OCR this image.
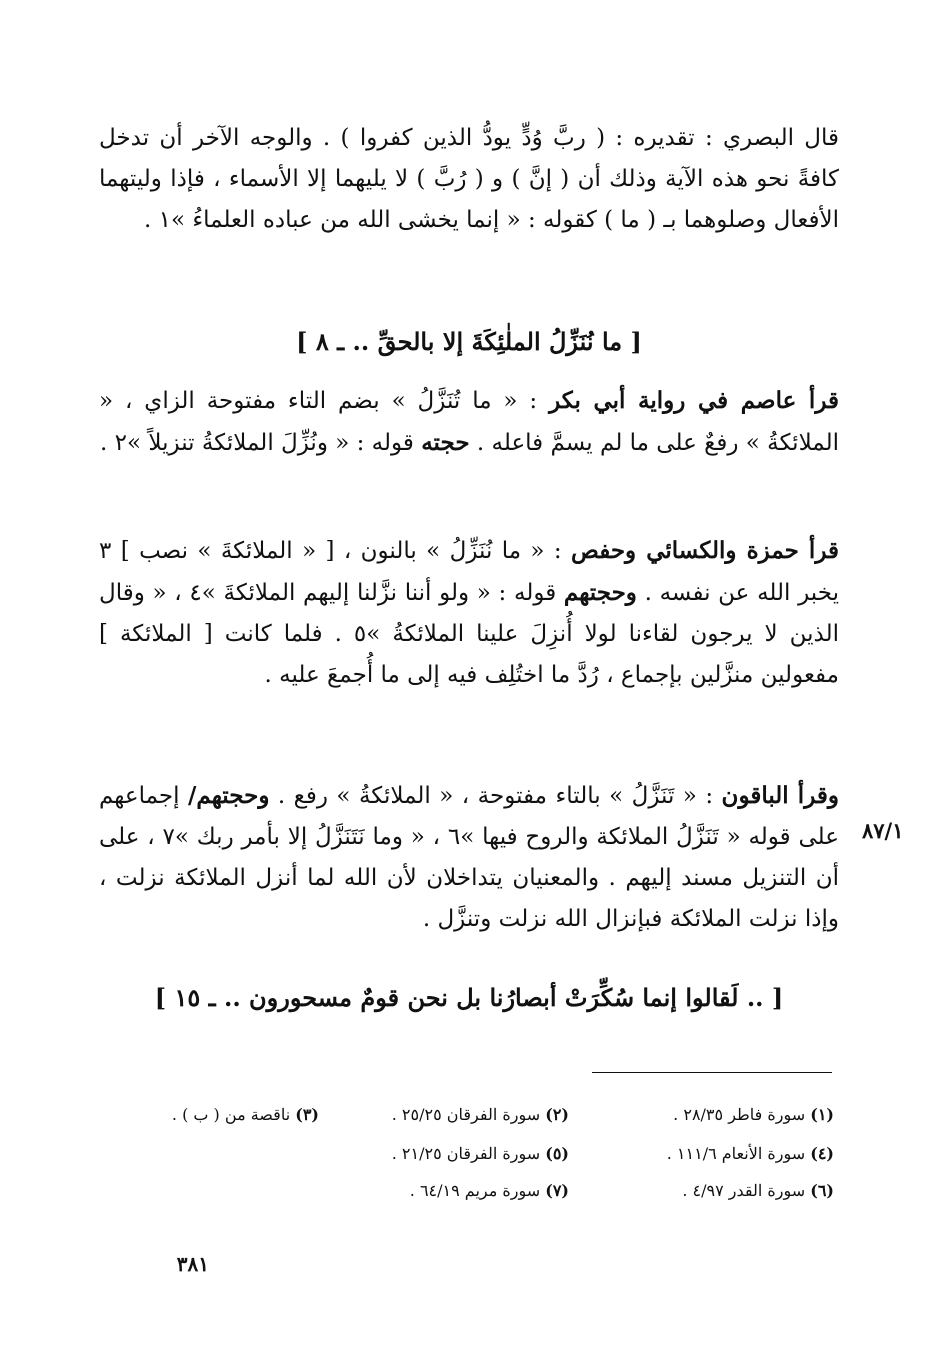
قال البصري : تقديره : ( ربَّ وُدٍّ يودُّ الذين كفروا ) . والوجه الآخر أن تدخل كافةً نحو هذه الآية وذلك أن ( إنَّ ) و ( رُبَّ ) لا يليهما إلا الأسماء ، فإذا وليتهما الأفعال وصلوهما بـ ( ما ) كقوله : « إنما يخشى الله من عباده العلماءُ »١ .

[ ما نُنَزِّلُ الملٰئِكَةَ إلا بالحقِّ .. ـ ٨ ]

قرأ عاصم في رواية أبي بكر : « ما تُنَزَّلُ » بضم التاء مفتوحة الزاي ، « الملائكةُ » رفعٌ على ما لم يسمَّ فاعله . حجته قوله : « ونُزِّلَ الملائكةُ تنزيلاً »٢ .

قرأ حمزة والكسائي وحفص : « ما نُنَزِّلُ » بالنون ، [ « الملائكةَ » نصب ] ٣ يخبر الله عن نفسه . وحجتهم قوله : « ولو أننا نزَّلنا إليهم الملائكةَ »٤ ، « وقال الذين لا يرجون لقاءنا لولا أُنزِلَ علينا الملائكةُ »٥ . فلما كانت [ الملائكة ] مفعولين منزَّلين بإجماع ، رُدَّ ما اختُلِف فيه إلى ما أُجمعَ عليه .

وقرأ الباقون : « تَنَزَّلُ » بالتاء مفتوحة ، « الملائكةُ » رفع . وحجتهم/ إجماعهم على قوله « تَنَزَّلُ الملائكة والروح فيها »٦ ، « وما نَتَنَزَّلُ إلا بأمر ربك »٧ ، على أن التنزيل مسند إليهم . والمعنيان يتداخلان لأن الله لما أنزل الملائكة نزلت ، وإذا نزلت الملائكة فبإنزال الله نزلت وتنزَّل .

٨٧/١
[ .. لَقالوا إنما سُكِّرَتْ أبصارُنا بل نحن قومٌ مسحورون .. ـ ١٥ ]
(١) سورة فاطر ٢٨/٣٥ .
(٢) سورة الفرقان ٢٥/٢٥ .
(٣) ناقصة من ( ب ) .
(٤) سورة الأنعام ١١١/٦ .
(٥) سورة الفرقان ٢١/٢٥ .
(٦) سورة القدر ٤/٩٧ .
(٧) سورة مريم ٦٤/١٩ .
٣٨١
